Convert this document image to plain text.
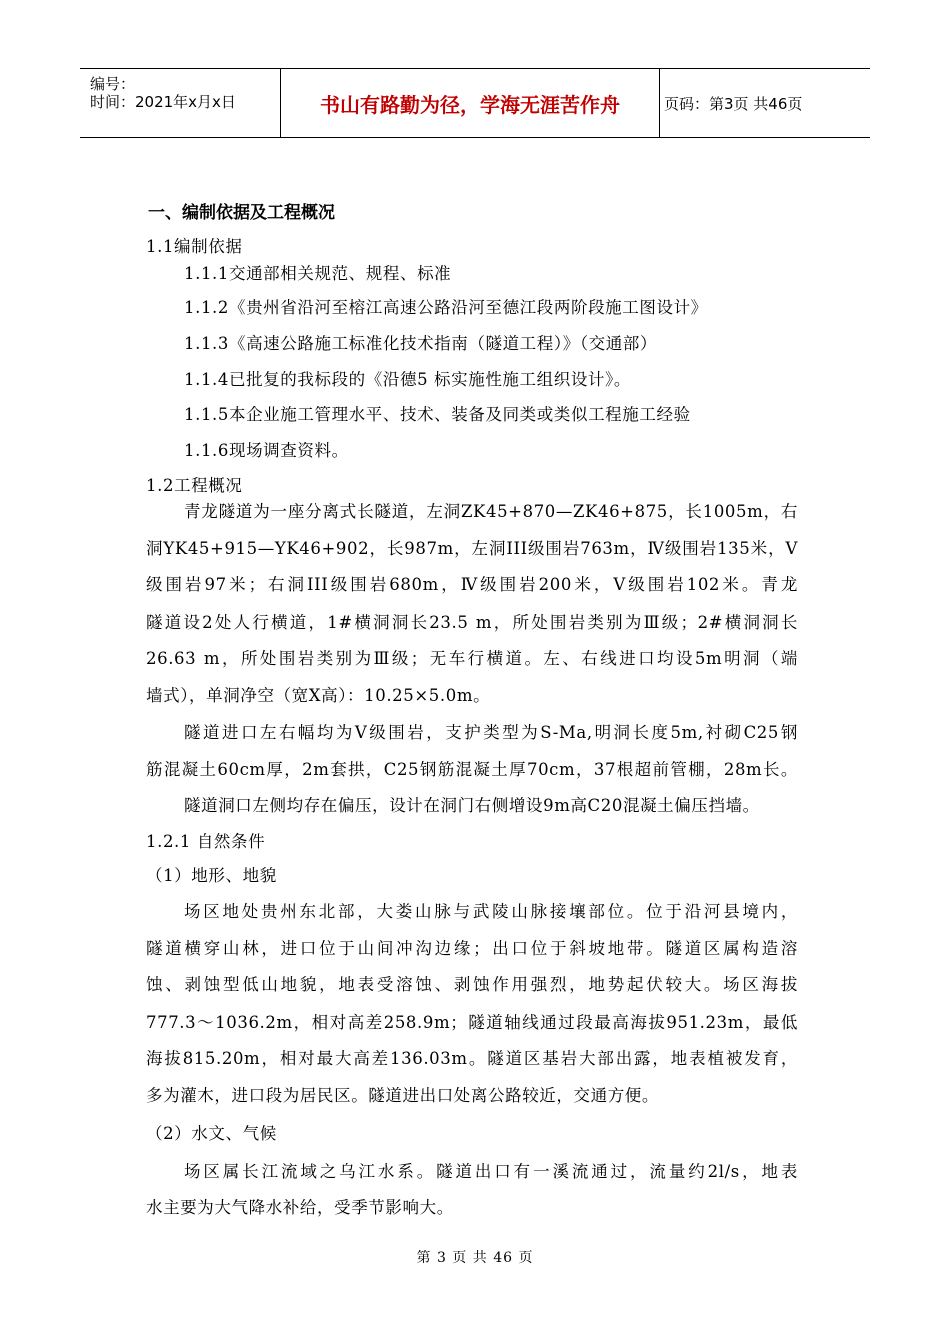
编号：
时间：2021年x月x日	书山有路勤为径，学海无涯苦作舟	页码：第3页 共46页
一、编制依据及工程概况
1.1编制依据
1.1.1交通部相关规范、规程、标准
1.1.2《贵州省沿河至榕江高速公路沿河至德江段两阶段施工图设计》
1.1.3《高速公路施工标准化技术指南（隧道工程）》（交通部）
1.1.4已批复的我标段的《沿德5 标实施性施工组织设计》。
1.1.5本企业施工管理水平、技术、装备及同类或类似工程施工经验
1.1.6现场调查资料。
1.2工程概况
青龙隧道为一座分离式长隧道，左洞ZK45+870—ZK46+875，长1005m，右
洞YK45+915—YK46+902，长987m，左洞III级围岩763m，Ⅳ级围岩135米，Ⅴ
级围岩97米；右洞III级围岩680m，Ⅳ级围岩200米，Ⅴ级围岩102米。青龙
隧道设2处人行横道，1#横洞洞长23.5 m，所处围岩类别为Ⅲ级；2#横洞洞长
26.63 m，所处围岩类别为Ⅲ级；无车行横道。左、右线进口均设5m明洞（端
墙式），单洞净空（宽X高）：10.25×5.0m。
隧道进口左右幅均为Ⅴ级围岩，支护类型为S-Ma,明洞长度5m,衬砌C25钢
筋混凝土60cm厚，2m套拱，C25钢筋混凝土厚70cm，37根超前管棚，28m长。
隧道洞口左侧均存在偏压，设计在洞门右侧增设9m高C20混凝土偏压挡墙。
1.2.1 自然条件
（1）地形、地貌
场区地处贵州东北部，大娄山脉与武陵山脉接壤部位。位于沿河县境内，
隧道横穿山林，进口位于山间冲沟边缘；出口位于斜坡地带。隧道区属构造溶
蚀、剥蚀型低山地貌，地表受溶蚀、剥蚀作用强烈，地势起伏较大。场区海拔
777.3～1036.2m，相对高差258.9m；隧道轴线通过段最高海拔951.23m，最低
海拔815.20m，相对最大高差136.03m。隧道区基岩大部出露，地表植被发育，
多为灌木，进口段为居民区。隧道进出口处离公路较近，交通方便。
（2）水文、气候
场区属长江流域之乌江水系。隧道出口有一溪流通过，流量约2l/s，地表
水主要为大气降水补给，受季节影响大。
第 3 页 共 46 页
